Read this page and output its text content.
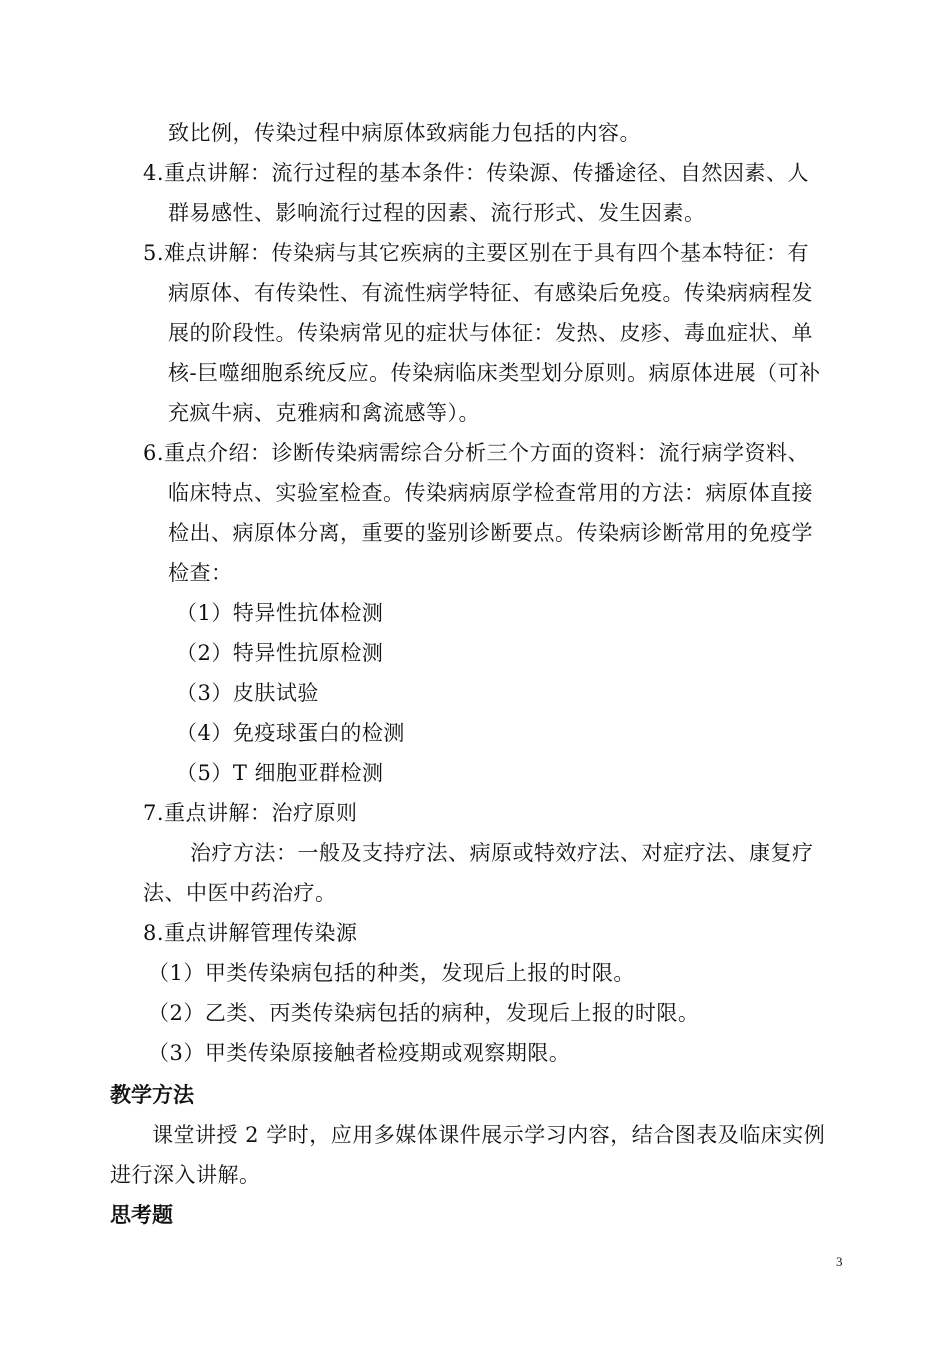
致比例，传染过程中病原体致病能力包括的内容。
4.重点讲解：流行过程的基本条件：传染源、传播途径、自然因素、人
群易感性、影响流行过程的因素、流行形式、发生因素。
5.难点讲解：传染病与其它疾病的主要区别在于具有四个基本特征：有
病原体、有传染性、有流性病学特征、有感染后免疫。传染病病程发
展的阶段性。传染病常见的症状与体征：发热、皮疹、毒血症状、单
核-巨噬细胞系统反应。传染病临床类型划分原则。病原体进展（可补
充疯牛病、克雅病和禽流感等）。
6.重点介绍：诊断传染病需综合分析三个方面的资料：流行病学资料、
临床特点、实验室检查。传染病病原学检查常用的方法：病原体直接
检出、病原体分离，重要的鉴别诊断要点。传染病诊断常用的免疫学
检查：
（1）特异性抗体检测
（2）特异性抗原检测
（3）皮肤试验
（4）免疫球蛋白的检测
（5）T 细胞亚群检测
7.重点讲解：治疗原则
治疗方法：一般及支持疗法、病原或特效疗法、对症疗法、康复疗
法、中医中药治疗。
8.重点讲解管理传染源
（1）甲类传染病包括的种类，发现后上报的时限。
（2）乙类、丙类传染病包括的病种，发现后上报的时限。
（3）甲类传染原接触者检疫期或观察期限。
教学方法
课堂讲授 2 学时，应用多媒体课件展示学习内容，结合图表及临床实例
进行深入讲解。
思考题
3
